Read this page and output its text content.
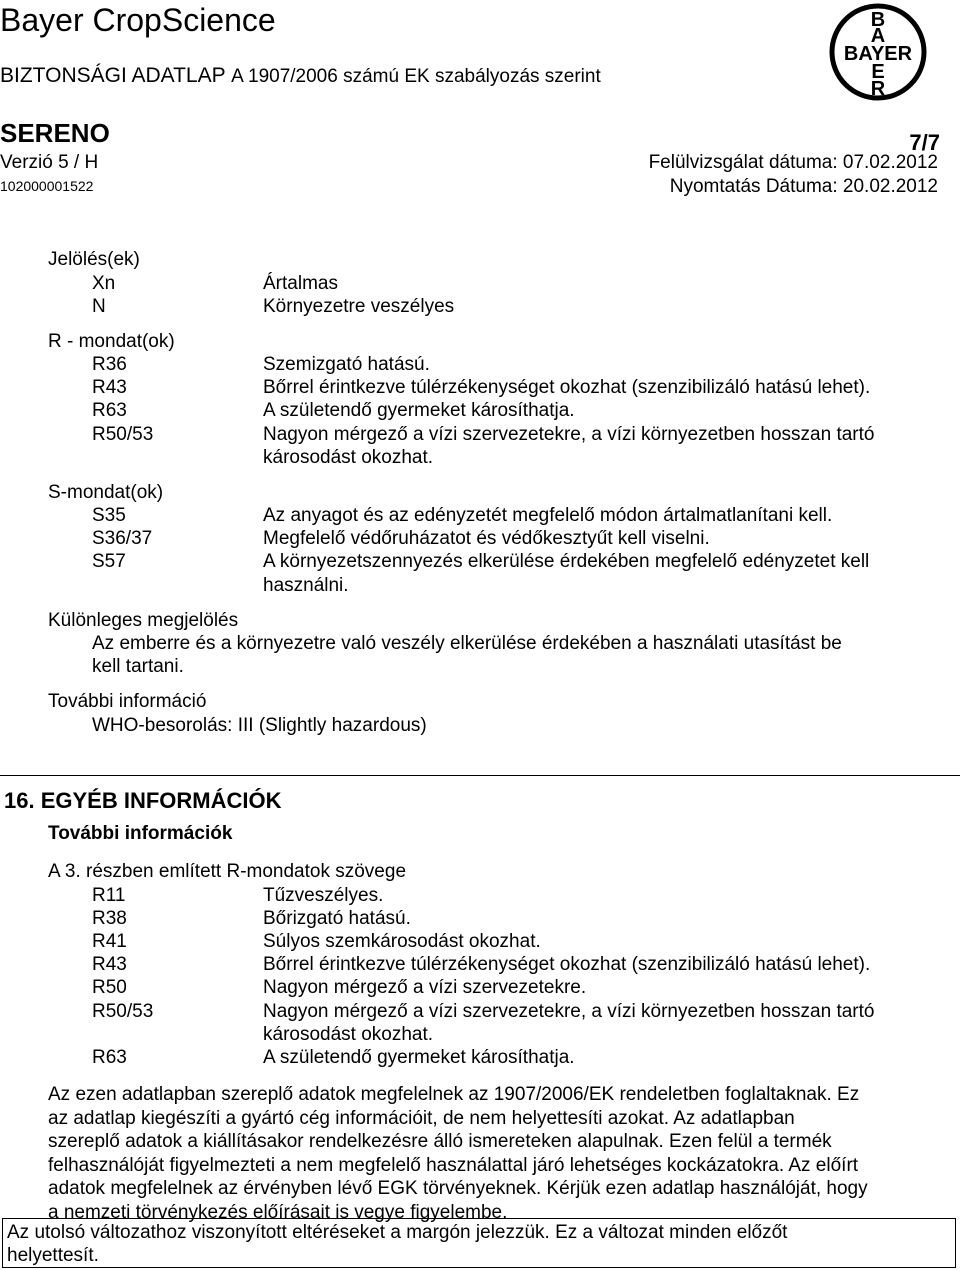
Bayer CropScience
BIZTONSÁGI ADATLAP A 1907/2006 számú EK szabályozás szerint
SERENO	7/7
Verzió 5 / H	Felülvizsgálat dátuma: 07.02.2012
102000001522	Nyomtatás Dátuma: 20.02.2012
B
A
BAYER
E
R
Jelölés(ek)
Xn	Ártalmas
N	Környezetre veszélyes
R - mondat(ok)
R36	Szemizgató hatású.
R43	Bőrrel érintkezve túlérzékenységet okozhat (szenzibilizáló hatású lehet).
R63	A születendő gyermeket károsíthatja.
R50/53	Nagyon mérgező a vízi szervezetekre, a vízi környezetben hosszan tartó
károsodást okozhat.
S-mondat(ok)
S35	Az anyagot és az edényzetét megfelelő módon ártalmatlanítani kell.
S36/37	Megfelelő védőruházatot és védőkesztyűt kell viselni.
S57	A környezetszennyezés elkerülése érdekében megfelelő edényzetet kell
használni.
Különleges megjelölés
Az emberre és a környezetre való veszély elkerülése érdekében a használati utasítást be
kell tartani.
További információ
WHO-besorolás: III (Slightly hazardous)
16. EGYÉB INFORMÁCIÓK
További információk
A 3. részben említett R-mondatok szövege
R11	Tűzveszélyes.
R38	Bőrizgató hatású.
R41	Súlyos szemkárosodást okozhat.
R43	Bőrrel érintkezve túlérzékenységet okozhat (szenzibilizáló hatású lehet).
R50	Nagyon mérgező a vízi szervezetekre.
R50/53	Nagyon mérgező a vízi szervezetekre, a vízi környezetben hosszan tartó
károsodást okozhat.
R63	A születendő gyermeket károsíthatja.
Az ezen adatlapban szereplő adatok megfelelnek az 1907/2006/EK rendeletben foglaltaknak. Ez
az adatlap kiegészíti a gyártó cég információit, de nem helyettesíti azokat. Az adatlapban
szereplő adatok a kiállításakor rendelkezésre álló ismereteken alapulnak. Ezen felül a termék
felhasználóját figyelmezteti a nem megfelelő használattal járó lehetséges kockázatokra. Az előírt
adatok megfelelnek az érvényben lévő EGK törvényeknek. Kérjük ezen adatlap használóját, hogy
a nemzeti törvénykezés előírásait is vegye figyelembe.
Az utolsó változathoz viszonyított eltéréseket a margón jelezzük. Ez a változat minden előzőt
helyettesít.
